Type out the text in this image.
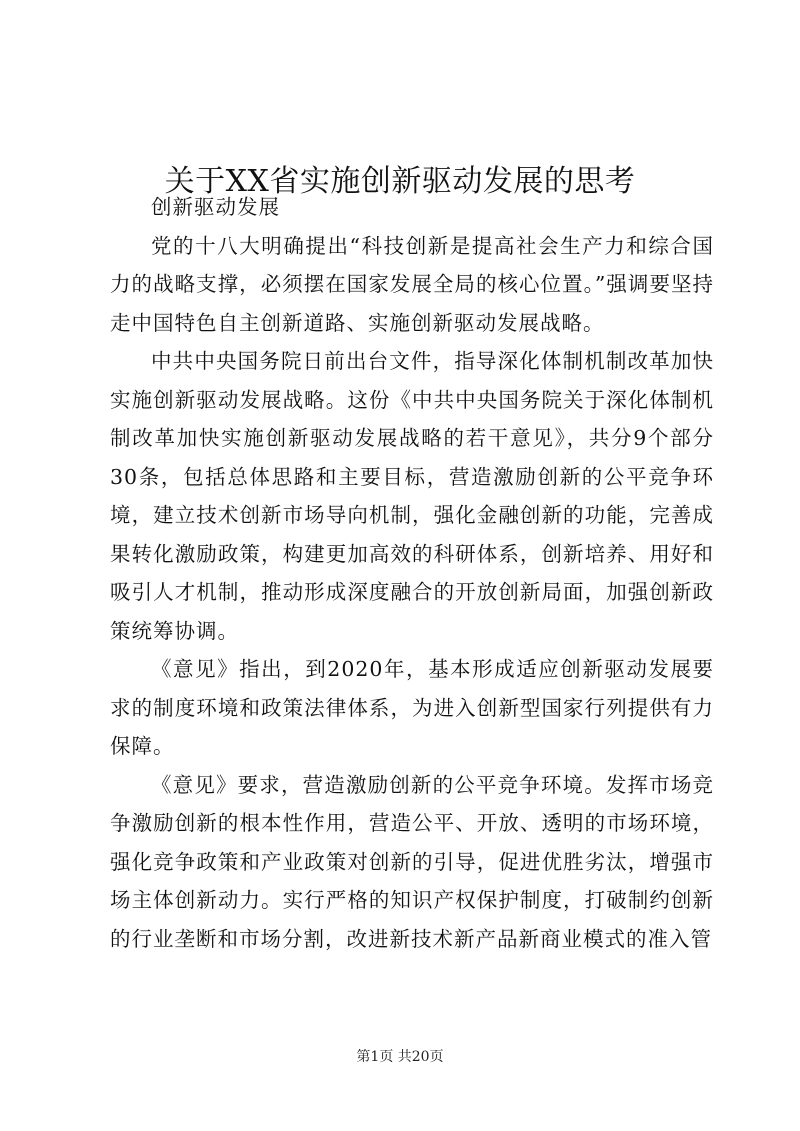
关于XX省实施创新驱动发展的思考

创新驱动发展

党的十八大明确提出“科技创新是提高社会生产力和综合国力的战略支撑，必须摆在国家发展全局的核心位置。”强调要坚持走中国特色自主创新道路、实施创新驱动发展战略。

中共中央国务院日前出台文件，指导深化体制机制改革加快实施创新驱动发展战略。这份《中共中央国务院关于深化体制机制改革加快实施创新驱动发展战略的若干意见》，共分9个部分30条，包括总体思路和主要目标，营造激励创新的公平竞争环境，建立技术创新市场导向机制，强化金融创新的功能，完善成果转化激励政策，构建更加高效的科研体系，创新培养、用好和吸引人才机制，推动形成深度融合的开放创新局面，加强创新政策统筹协调。

《意见》指出，到2020年，基本形成适应创新驱动发展要求的制度环境和政策法律体系，为进入创新型国家行列提供有力保障。

《意见》要求，营造激励创新的公平竞争环境。发挥市场竞争激励创新的根本性作用，营造公平、开放、透明的市场环境，强化竞争政策和产业政策对创新的引导，促进优胜劣汰，增强市场主体创新动力。实行严格的知识产权保护制度，打破制约创新的行业垄断和市场分割，改进新技术新产品新商业模式的准入管

第1页 共20页
